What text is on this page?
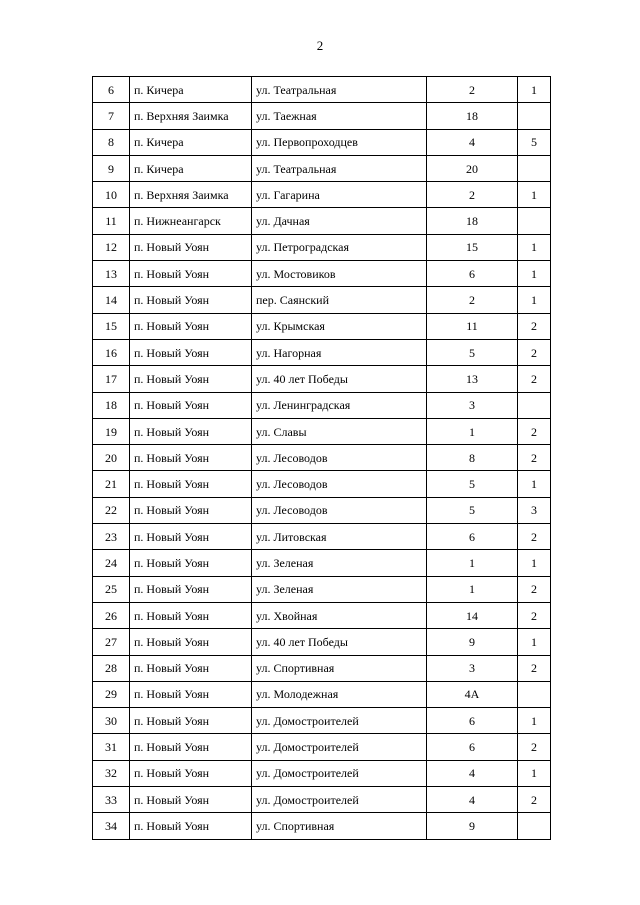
2
6	п. Кичера	ул. Театральная	2	1
7	п. Верхняя Заимка	ул. Таежная	18	
8	п. Кичера	ул. Первопроходцев	4	5
9	п. Кичера	ул. Театральная	20	
10	п. Верхняя Заимка	ул. Гагарина	2	1
11	п. Нижнеангарск	ул. Дачная	18	
12	п. Новый Уоян	ул. Петроградская	15	1
13	п. Новый Уоян	ул. Мостовиков	6	1
14	п. Новый Уоян	пер. Саянский	2	1
15	п. Новый Уоян	ул. Крымская	11	2
16	п. Новый Уоян	ул. Нагорная	5	2
17	п. Новый Уоян	ул. 40 лет Победы	13	2
18	п. Новый Уоян	ул. Ленинградская	3	
19	п. Новый Уоян	ул. Славы	1	2
20	п. Новый Уоян	ул. Лесоводов	8	2
21	п. Новый Уоян	ул. Лесоводов	5	1
22	п. Новый Уоян	ул. Лесоводов	5	3
23	п. Новый Уоян	ул. Литовская	6	2
24	п. Новый Уоян	ул. Зеленая	1	1
25	п. Новый Уоян	ул. Зеленая	1	2
26	п. Новый Уоян	ул. Хвойная	14	2
27	п. Новый Уоян	ул. 40 лет Победы	9	1
28	п. Новый Уоян	ул. Спортивная	3	2
29	п. Новый Уоян	ул. Молодежная	4А	
30	п. Новый Уоян	ул. Домостроителей	6	1
31	п. Новый Уоян	ул. Домостроителей	6	2
32	п. Новый Уоян	ул. Домостроителей	4	1
33	п. Новый Уоян	ул. Домостроителей	4	2
34	п. Новый Уоян	ул. Спортивная	9	
